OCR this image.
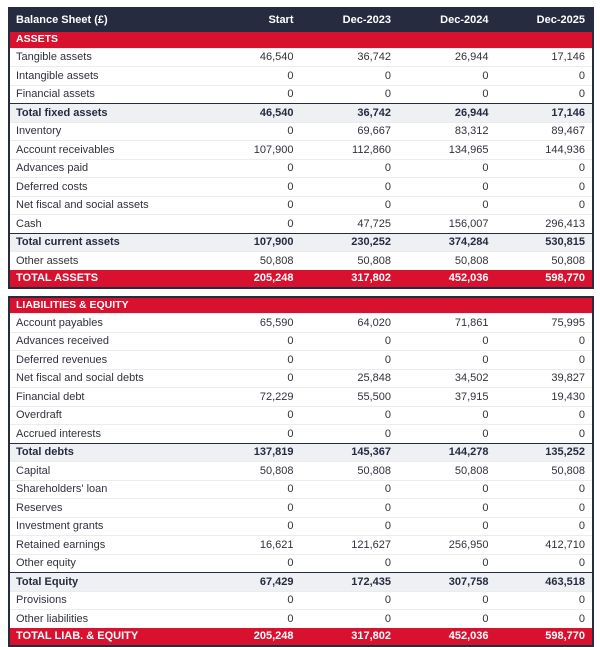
Balance Sheet (£)	Start	Dec-2023	Dec-2024	Dec-2025
ASSETS				
Tangible assets	46,540	36,742	26,944	17,146
Intangible assets	0	0	0	0
Financial assets	0	0	0	0
Total fixed assets	46,540	36,742	26,944	17,146
Inventory	0	69,667	83,312	89,467
Account receivables	107,900	112,860	134,965	144,936
Advances paid	0	0	0	0
Deferred costs	0	0	0	0
Net fiscal and social assets	0	0	0	0
Cash	0	47,725	156,007	296,413
Total current assets	107,900	230,252	374,284	530,815
Other assets	50,808	50,808	50,808	50,808
TOTAL ASSETS	205,248	317,802	452,036	598,770
LIABILITIES & EQUITY				
Account payables	65,590	64,020	71,861	75,995
Advances received	0	0	0	0
Deferred revenues	0	0	0	0
Net fiscal and social debts	0	25,848	34,502	39,827
Financial debt	72,229	55,500	37,915	19,430
Overdraft	0	0	0	0
Accrued interests	0	0	0	0
Total debts	137,819	145,367	144,278	135,252
Capital	50,808	50,808	50,808	50,808
Shareholders' loan	0	0	0	0
Reserves	0	0	0	0
Investment grants	0	0	0	0
Retained earnings	16,621	121,627	256,950	412,710
Other equity	0	0	0	0
Total Equity	67,429	172,435	307,758	463,518
Provisions	0	0	0	0
Other liabilities	0	0	0	0
TOTAL LIAB. & EQUITY	205,248	317,802	452,036	598,770
